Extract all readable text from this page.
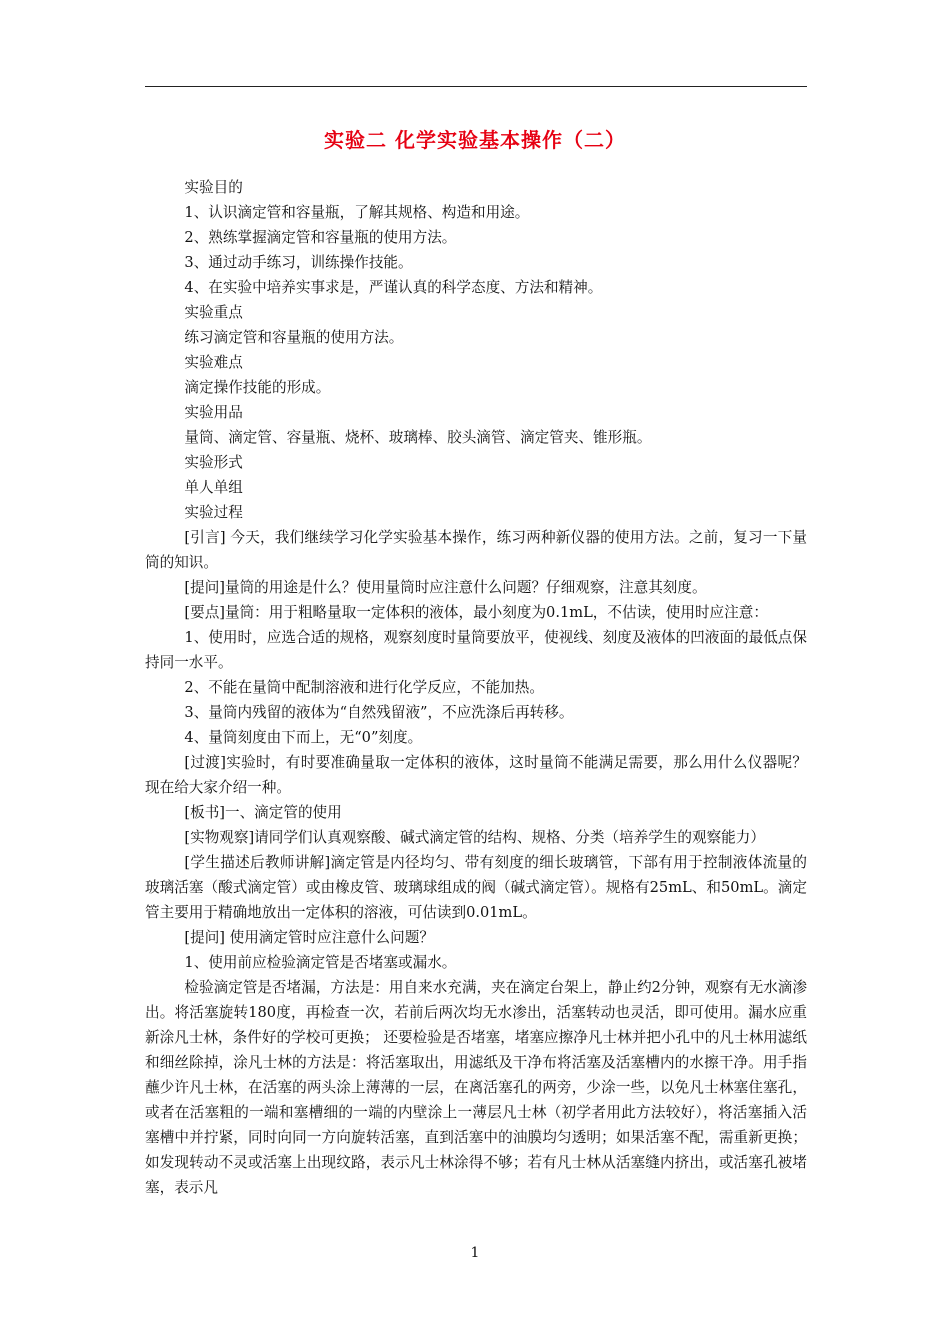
实验二 化学实验基本操作（二）

实验目的

1、认识滴定管和容量瓶，了解其规格、构造和用途。

2、熟练掌握滴定管和容量瓶的使用方法。

3、通过动手练习，训练操作技能。

4、在实验中培养实事求是，严谨认真的科学态度、方法和精神。

实验重点

练习滴定管和容量瓶的使用方法。

实验难点

滴定操作技能的形成。

实验用品

量筒、滴定管、容量瓶、烧杯、玻璃棒、胶头滴管、滴定管夹、锥形瓶。

实验形式

单人单组

实验过程

[引言] 今天，我们继续学习化学实验基本操作，练习两种新仪器的使用方法。之前，复习一下量筒的知识。

[提问]量筒的用途是什么？使用量筒时应注意什么问题？仔细观察，注意其刻度。

[要点]量筒：用于粗略量取一定体积的液体，最小刻度为0.1mL，不估读，使用时应注意：

1、使用时，应选合适的规格，观察刻度时量筒要放平，使视线、刻度及液体的凹液面的最低点保持同一水平。

2、不能在量筒中配制溶液和进行化学反应，不能加热。

3、量筒内残留的液体为“自然残留液”，不应洗涤后再转移。

4、量筒刻度由下而上，无“0”刻度。

[过渡]实验时，有时要准确量取一定体积的液体，这时量筒不能满足需要，那么用什么仪器呢？现在给大家介绍一种。

[板书]一、滴定管的使用

[实物观察]请同学们认真观察酸、碱式滴定管的结构、规格、分类（培养学生的观察能力）

[学生描述后教师讲解]滴定管是内径均匀、带有刻度的细长玻璃管，下部有用于控制液体流量的玻璃活塞（酸式滴定管）或由橡皮管、玻璃球组成的阀（碱式滴定管）。规格有25mL、和50mL。滴定管主要用于精确地放出一定体积的溶液，可估读到0.01mL。

[提问] 使用滴定管时应注意什么问题？

1、使用前应检验滴定管是否堵塞或漏水。

检验滴定管是否堵漏，方法是：用自来水充满，夹在滴定台架上，静止约2分钟，观察有无水滴渗出。将活塞旋转180度，再检查一次，若前后两次均无水渗出，活塞转动也灵活，即可使用。漏水应重新涂凡士林，条件好的学校可更换； 还要检验是否堵塞，堵塞应擦净凡士林并把小孔中的凡士林用滤纸和细丝除掉，涂凡士林的方法是：将活塞取出，用滤纸及干净布将活塞及活塞槽内的水擦干净。用手指蘸少许凡士林，在活塞的两头涂上薄薄的一层，在离活塞孔的两旁，少涂一些，以免凡士林塞住塞孔，或者在活塞粗的一端和塞槽细的一端的内壁涂上一薄层凡士林（初学者用此方法较好），将活塞插入活塞槽中并拧紧，同时向同一方向旋转活塞，直到活塞中的油膜均匀透明；如果活塞不配，需重新更换；如发现转动不灵或活塞上出现纹路，表示凡士林涂得不够；若有凡士林从活塞缝内挤出，或活塞孔被堵塞，表示凡

1
